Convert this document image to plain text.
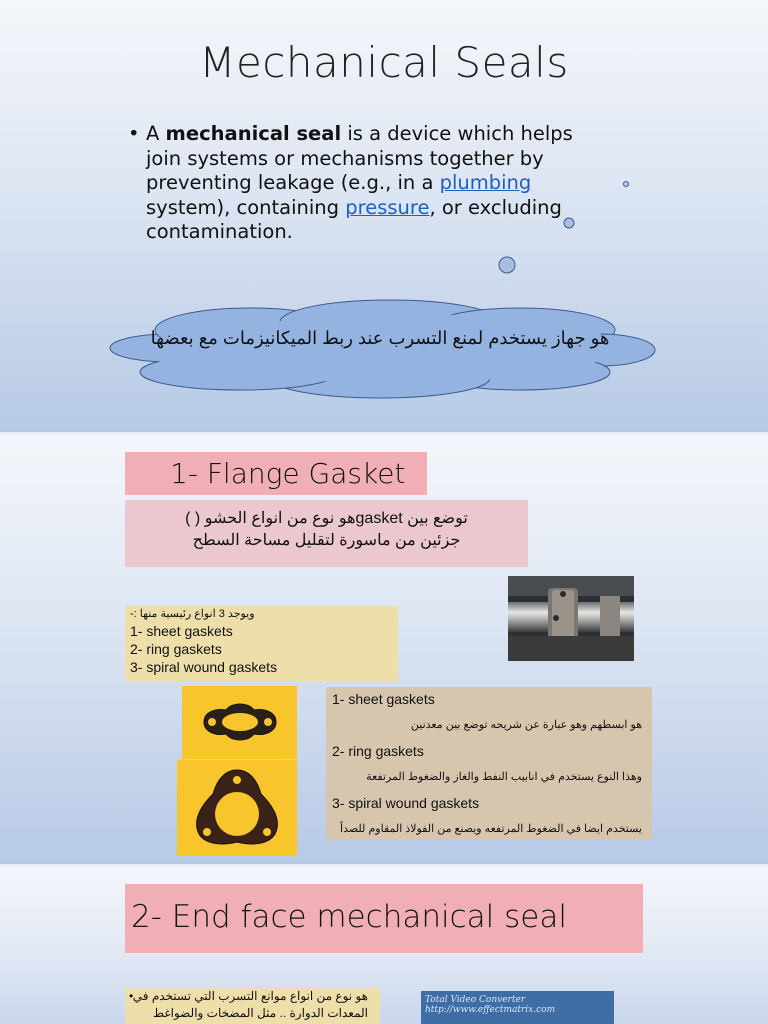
Mechanical Seals
• A mechanical seal is a device which helps join systems or mechanisms together by preventing leakage (e.g., in a plumbing system), containing pressure, or excluding contamination.
هو جهاز يستخدم لمنع التسرب عند ربط الميكانيزمات مع بعضها
1- Flange Gasket
توضع بين gasketهو نوع من انواع الحشو ( )
جزئين من ماسورة لتقليل مساحة السطح
ويوجد 3 انواع رئيسية منها :-
1- sheet gaskets
2- ring gaskets
3- spiral wound gaskets
1- sheet gaskets
هو ابسطهم وهو عبارة عن شريحه توضع بين معدنين
2- ring gaskets
وهذا النوع يستخدم في انابيب النفط والغاز والضغوط المرتفعة
3- spiral wound gaskets
يستخدم ايضا في الضغوط المرتفعه ويصنع من الفولاذ المقاوم للصدأ
2- End face mechanical seal
• هو نوع من انواع موانع التسرب التي تستخدم في
المعدات الدوارة .. مثل المضخات والضواغط
Total Video Converter
http://www.effectmatrix.com
